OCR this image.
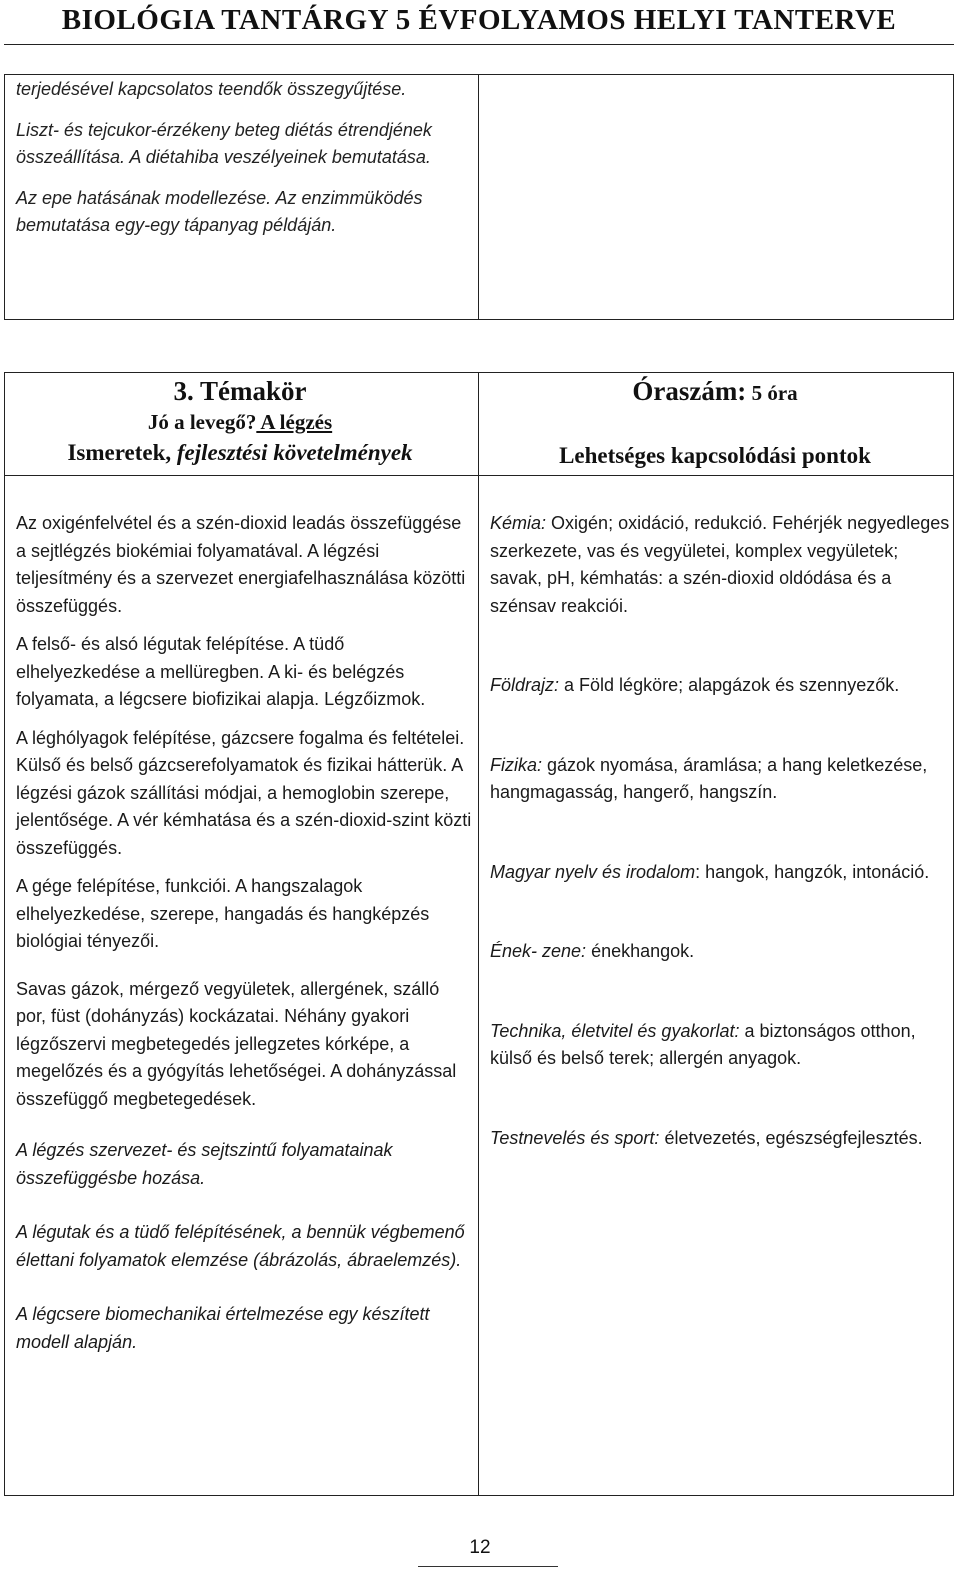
BIOLÓGIA TANTÁRGY 5 ÉVFOLYAMOS HELYI TANTERVE

terjedésével kapcsolatos teendők összegyűjtése.

Liszt- és tejcukor-érzékeny beteg diétás étrendjének összeállítása. A diétahiba veszélyeinek bemutatása.

Az epe hatásának modellezése. Az enzimmüködés bemutatása egy-egy tápanyag példáján.

3. Témakör
Jó a levegő? A légzés
Ismeretek, fejlesztési követelmények
Óraszám: 5 óra
Lehetséges kapcsolódási pontok

Az oxigénfelvétel és a szén-dioxid leadás összefüggése a sejtlégzés biokémiai folyamatával. A légzési teljesítmény és a szervezet energiafelhasználása közötti összefüggés.

A felső- és alsó légutak felépítése. A tüdő elhelyezkedése a mellüregben. A ki- és belégzés folyamata, a légcsere biofizikai alapja. Légzőizmok.

A léghólyagok felépítése, gázcsere fogalma és feltételei. Külső és belső gázcserefolyamatok és fizikai hátterük. A légzési gázok szállítási módjai, a hemoglobin szerepe, jelentősége. A vér kémhatása és a szén-dioxid-szint közti összefüggés.

A gége felépítése, funkciói. A hangszalagok elhelyezkedése, szerepe, hangadás és hangképzés biológiai tényezői.

Savas gázok, mérgező vegyületek, allergének, szálló por, füst (dohányzás) kockázatai. Néhány gyakori légzőszervi megbetegedés jellegzetes kórképe, a megelőzés és a gyógyítás lehetőségei. A dohányzással összefüggő megbetegedések.

A légzés szervezet- és sejtszintű folyamatainak összefüggésbe hozása.

A légutak és a tüdő felépítésének, a bennük végbemenő élettani folyamatok elemzése (ábrázolás, ábraelemzés).

A légcsere biomechanikai értelmezése egy készített modell alapján.

Kémia: Oxigén; oxidáció, redukció. Fehérjék negyedleges szerkezete, vas és vegyületei, komplex vegyületek; savak, pH, kémhatás: a szén-dioxid oldódása és a szénsav reakciói.

Földrajz: a Föld légköre; alapgázok és szennyezők.

Fizika: gázok nyomása, áramlása; a hang keletkezése, hangmagasság, hangerő, hangszín.

Magyar nyelv és irodalom: hangok, hangzók, intonáció.

Ének- zene: énekhangok.

Technika, életvitel és gyakorlat: a biztonságos otthon, külső és belső terek; allergén anyagok.

Testnevelés és sport: életvezetés, egészségfejlesztés.

12
